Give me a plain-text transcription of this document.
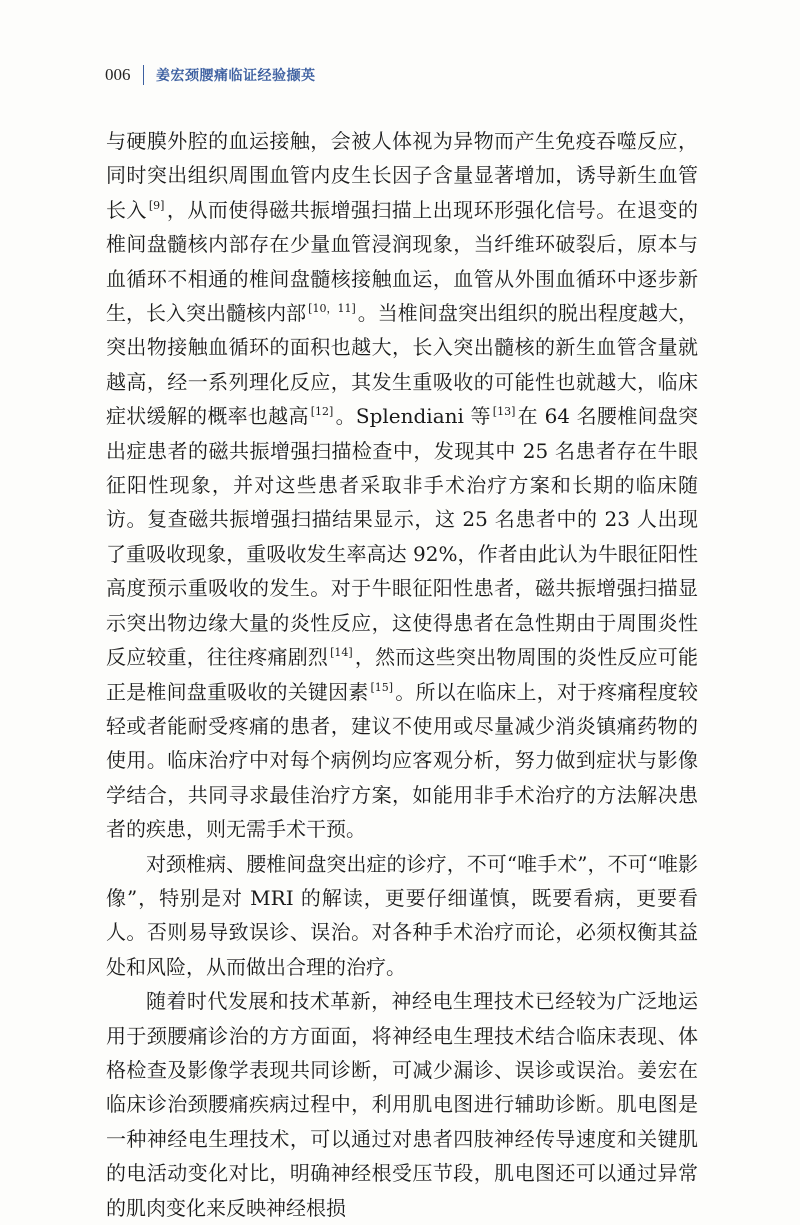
006 姜宏颈腰痛临证经验撷英

与硬膜外腔的血运接触，会被人体视为异物而产生免疫吞噬反应，同时突出组织周围血管内皮生长因子含量显著增加，诱导新生血管长入 [9] ，从而使得磁共振增强扫描上出现环形强化信号。在退变的椎间盘髓核内部存在少量血管浸润现象，当纤维环破裂后，原本与血循环不相通的椎间盘髓核接触血运，血管从外围血循环中逐步新生，长入突出髓核内部 [10，11] 。当椎间盘突出组织的脱出程度越大，突出物接触血循环的面积也越大，长入突出髓核的新生血管含量就越高，经一系列理化反应，其发生重吸收的可能性也就越大，临床症状缓解的概率也越高 [12] 。Splendiani 等 [13] 在 64 名腰椎间盘突出症患者的磁共振增强扫描检查中，发现其中 25 名患者存在牛眼征阳性现象，并对这些患者采取非手术治疗方案和长期的临床随访。复查磁共振增强扫描结果显示，这 25 名患者中的 23 人出现了重吸收现象，重吸收发生率高达 92%，作者由此认为牛眼征阳性高度预示重吸收的发生。对于牛眼征阳性患者，磁共振增强扫描显示突出物边缘大量的炎性反应，这使得患者在急性期由于周围炎性反应较重，往往疼痛剧烈 [14] ，然而这些突出物周围的炎性反应可能正是椎间盘重吸收的关键因素 [15] 。所以在临床上，对于疼痛程度较轻或者能耐受疼痛的患者，建议不使用或尽量减少消炎镇痛药物的使用。临床治疗中对每个病例均应客观分析，努力做到症状与影像学结合，共同寻求最佳治疗方案，如能用非手术治疗的方法解决患者的疾患，则无需手术干预。

对颈椎病、腰椎间盘突出症的诊疗，不可“唯手术”，不可“唯影像”，特别是对 MRI 的解读，更要仔细谨慎，既要看病，更要看人。否则易导致误诊、误治。对各种手术治疗而论，必须权衡其益处和风险，从而做出合理的治疗。

随着时代发展和技术革新，神经电生理技术已经较为广泛地运用于颈腰痛诊治的方方面面，将神经电生理技术结合临床表现、体格检查及影像学表现共同诊断，可减少漏诊、误诊或误治。姜宏在临床诊治颈腰痛疾病过程中，利用肌电图进行辅助诊断。肌电图是一种神经电生理技术，可以通过对患者四肢神经传导速度和关键肌的电活动变化对比，明确神经根受压节段，肌电图还可以通过异常的肌肉变化来反映神经根损
